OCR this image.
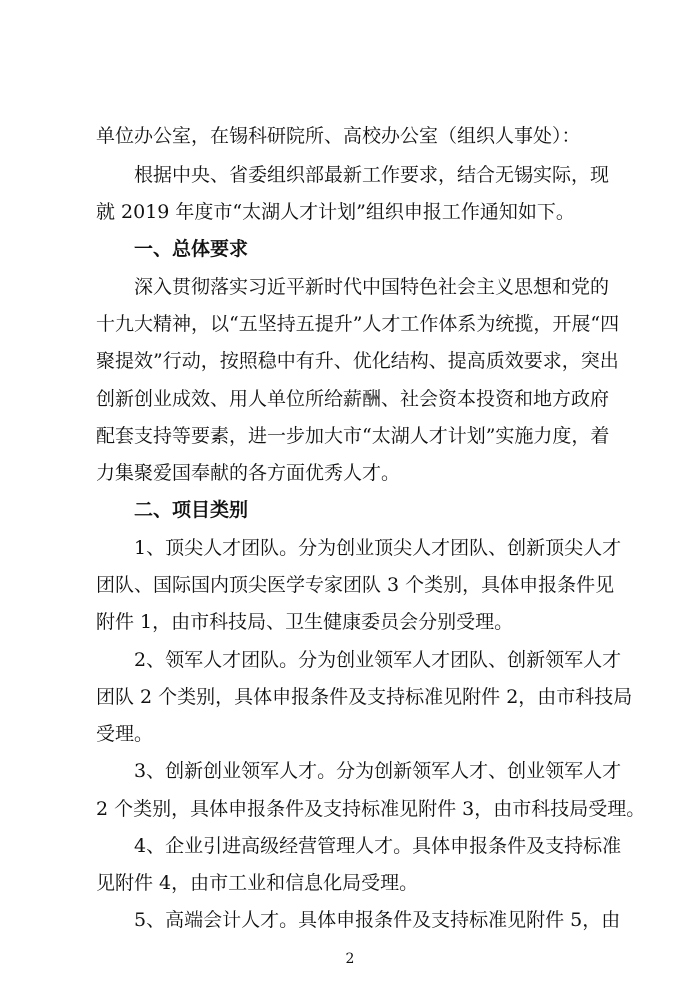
单位办公室，在锡科研院所、高校办公室（组织人事处）：
根据中央、省委组织部最新工作要求，结合无锡实际，现
就 2019 年度市“太湖人才计划”组织申报工作通知如下。
一、总体要求
深入贯彻落实习近平新时代中国特色社会主义思想和党的
十九大精神，以“五坚持五提升”人才工作体系为统揽，开展“四
聚提效”行动，按照稳中有升、优化结构、提高质效要求，突出
创新创业成效、用人单位所给薪酬、社会资本投资和地方政府
配套支持等要素，进一步加大市“太湖人才计划”实施力度，着
力集聚爱国奉献的各方面优秀人才。
二、项目类别
1、顶尖人才团队。分为创业顶尖人才团队、创新顶尖人才
团队、国际国内顶尖医学专家团队 3 个类别，具体申报条件见
附件 1，由市科技局、卫生健康委员会分别受理。
2、领军人才团队。分为创业领军人才团队、创新领军人才
团队 2 个类别，具体申报条件及支持标准见附件 2，由市科技局
受理。
3、创新创业领军人才。分为创新领军人才、创业领军人才
2 个类别，具体申报条件及支持标准见附件 3，由市科技局受理。
4、企业引进高级经营管理人才。具体申报条件及支持标准
见附件 4，由市工业和信息化局受理。
5、高端会计人才。具体申报条件及支持标准见附件 5，由
2
